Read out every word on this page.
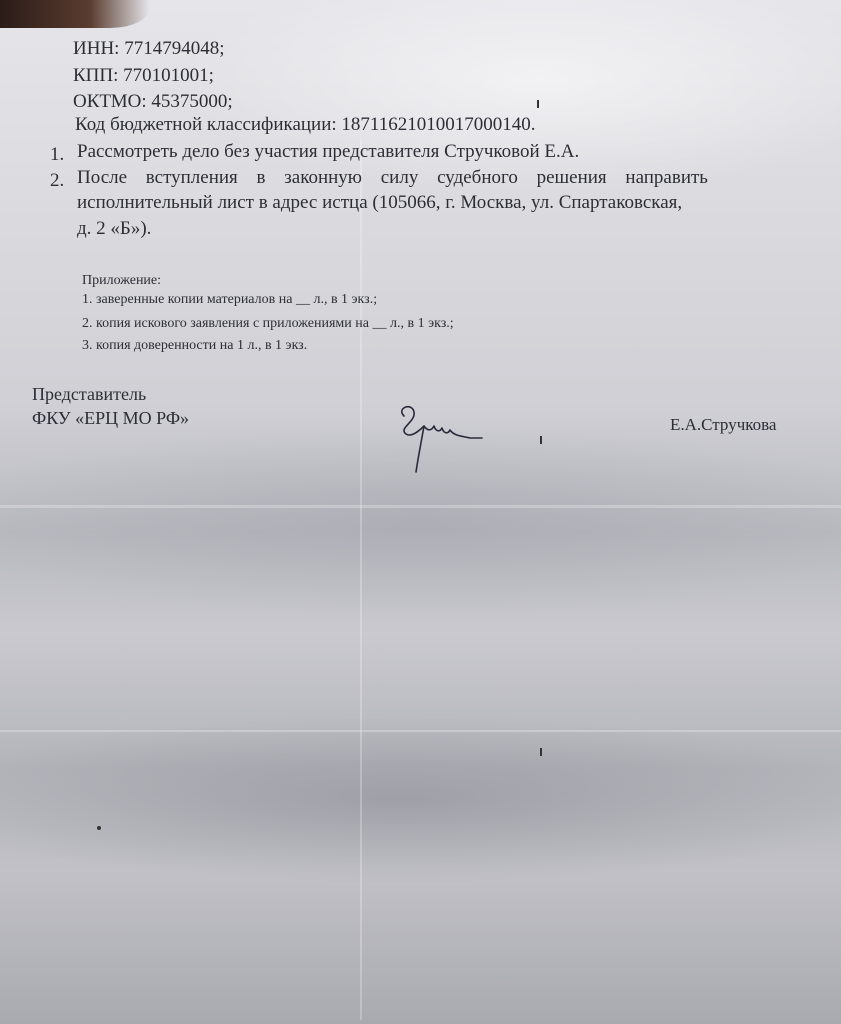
ИНН: 7714794048;
КПП: 770101001;
ОКТМО: 45375000;
Код бюджетной классификации: 18711621010017000140.
1. Рассмотреть дело без участия представителя Стручковой Е.А.
2. После вступления в законную силу судебного решения направить
исполнительный лист в адрес истца (105066, г. Москва, ул. Спартаковская,
д. 2 «Б»).
Приложение:
1. заверенные копии материалов на __ л., в 1 экз.;
2. копия искового заявления с приложениями на __ л., в 1 экз.;
3. копия доверенности на 1 л., в 1 экз.
Представитель
ФКУ «ЕРЦ МО РФ»	Е.А.Стручкова
